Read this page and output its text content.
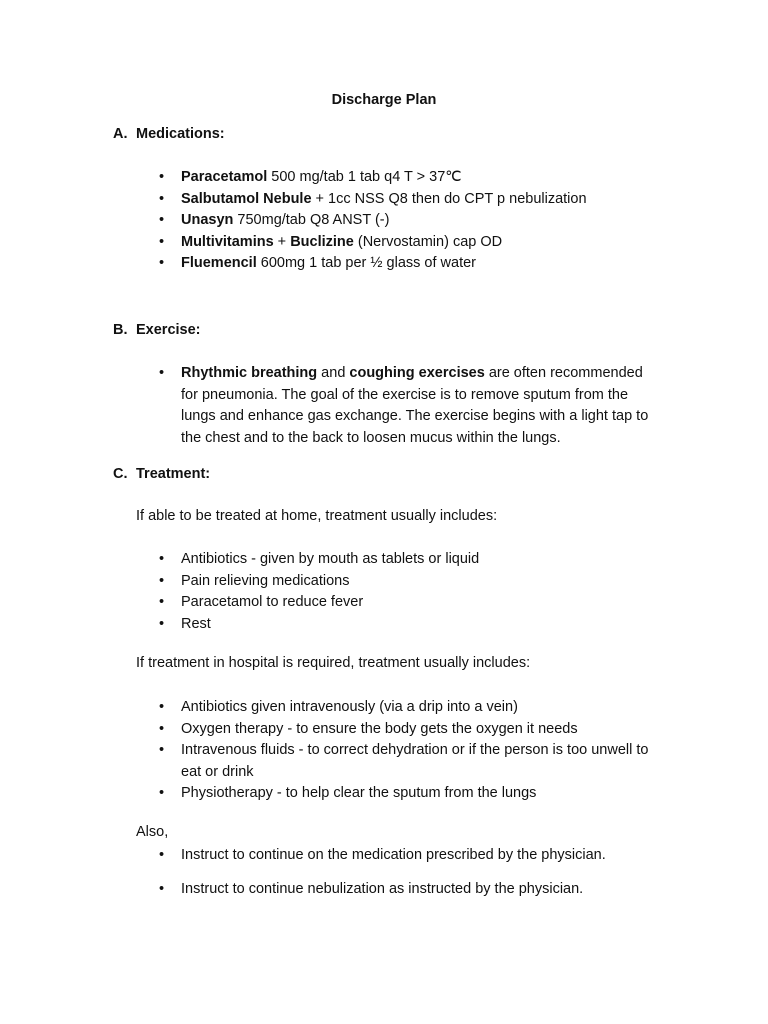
Discharge Plan
A. Medications:
• Paracetamol 500 mg/tab 1 tab q4 T > 37℃
• Salbutamol Nebule + 1cc NSS Q8 then do CPT p nebulization
• Unasyn 750mg/tab Q8 ANST (-)
• Multivitamins + Buclizine (Nervostamin) cap OD
• Fluemencil 600mg 1 tab per ½ glass of water
B. Exercise:
• Rhythmic breathing and coughing exercises are often recommended for pneumonia. The goal of the exercise is to remove sputum from the lungs and enhance gas exchange. The exercise begins with a light tap to the chest and to the back to loosen mucus within the lungs.
C. Treatment:
If able to be treated at home, treatment usually includes:
• Antibiotics - given by mouth as tablets or liquid
• Pain relieving medications
• Paracetamol to reduce fever
• Rest
If treatment in hospital is required, treatment usually includes:
• Antibiotics given intravenously (via a drip into a vein)
• Oxygen therapy - to ensure the body gets the oxygen it needs
• Intravenous fluids - to correct dehydration or if the person is too unwell to eat or drink
• Physiotherapy - to help clear the sputum from the lungs
Also,
• Instruct to continue on the medication prescribed by the physician.
• Instruct to continue nebulization as instructed by the physician.
